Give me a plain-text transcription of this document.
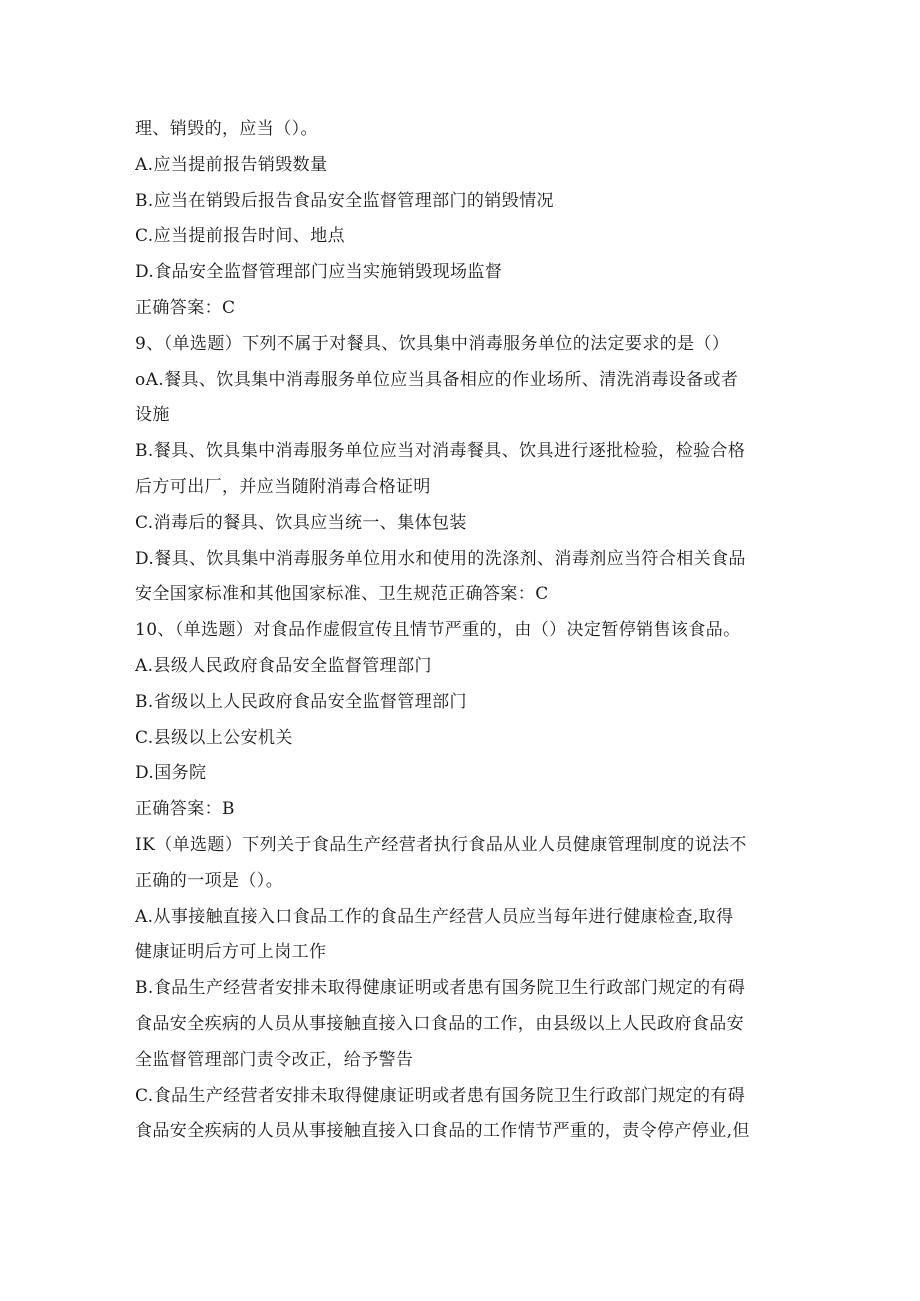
理、销毁的，应当（）。
A.应当提前报告销毁数量
B.应当在销毁后报告食品安全监督管理部门的销毁情况
C.应当提前报告时间、地点
D.食品安全监督管理部门应当实施销毁现场监督
正确答案：C
9、（单选题）下列不属于对餐具、饮具集中消毒服务单位的法定要求的是（）
oA.餐具、饮具集中消毒服务单位应当具备相应的作业场所、清洗消毒设备或者
设施
B.餐具、饮具集中消毒服务单位应当对消毒餐具、饮具进行逐批检验，检验合格
后方可出厂，并应当随附消毒合格证明
C.消毒后的餐具、饮具应当统一、集体包装
D.餐具、饮具集中消毒服务单位用水和使用的洗涤剂、消毒剂应当符合相关食品
安全国家标准和其他国家标准、卫生规范正确答案：C
10、（单选题）对食品作虚假宣传且情节严重的，由（）决定暂停销售该食品。
A.县级人民政府食品安全监督管理部门
B.省级以上人民政府食品安全监督管理部门
C.县级以上公安机关
D.国务院
正确答案：B
IK（单选题）下列关于食品生产经营者执行食品从业人员健康管理制度的说法不
正确的一项是（）。
A.从事接触直接入口食品工作的食品生产经营人员应当每年进行健康检查,取得
健康证明后方可上岗工作
B.食品生产经营者安排未取得健康证明或者患有国务院卫生行政部门规定的有碍
食品安全疾病的人员从事接触直接入口食品的工作，由县级以上人民政府食品安
全监督管理部门责令改正，给予警告
C.食品生产经营者安排未取得健康证明或者患有国务院卫生行政部门规定的有碍
食品安全疾病的人员从事接触直接入口食品的工作情节严重的，责令停产停业,但
